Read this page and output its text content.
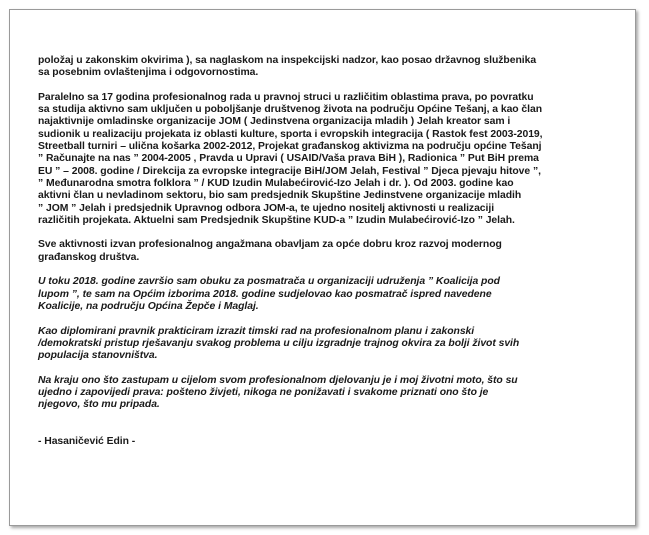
položaj u zakonskim okvirima ), sa naglaskom na inspekcijski nadzor, kao posao državnog službenika
sa posebnim ovlaštenjima i odgovornostima.

Paralelno sa 17 godina profesionalnog rada u pravnoj struci u različitim oblastima prava, po povratku
sa studija aktivno sam uključen u poboljšanje društvenog života na području Općine Tešanj, a kao član
najaktivnije omladinske organizacije JOM ( Jedinstvena organizacija mladih ) Jelah kreator sam i
sudionik u realizaciju projekata iz oblasti kulture, sporta i evropskih integracija ( Rastok fest 2003-2019,
Streetball turniri – ulična košarka 2002-2012, Projekat građanskog aktivizma na području općine Tešanj
” Računajte na nas ” 2004-2005 , Pravda u Upravi ( USAID/Vaša prava BiH ), Radionica ” Put BiH prema
EU ” – 2008. godine / Direkcija za evropske integracije BiH/JOM Jelah, Festival ” Djeca pjevaju hitove ”,
” Međunarodna smotra folklora ” / KUD Izudin Mulabećirović-Izo Jelah i dr. ). Od 2003. godine kao
aktivni član u nevladinom sektoru, bio sam predsjednik Skupštine Jedinstvene organizacije mladih
” JOM ” Jelah i predsjednik Upravnog odbora JOM-a, te ujedno nositelj aktivnosti u realizaciji
različitih projekata. Aktuelni sam Predsjednik Skupštine KUD-a ” Izudin Mulabećirović-Izo ” Jelah.

Sve aktivnosti izvan profesionalnog angažmana obavljam za opće dobru kroz razvoj modernog
građanskog društva.

U toku 2018. godine završio sam obuku za posmatrača u organizaciji udruženja ” Koalicija pod
lupom ”, te sam na Općim izborima 2018. godine sudjelovao kao posmatrač ispred navedene
Koalicije, na području Općina Žepče i Maglaj.

Kao diplomirani pravnik prakticiram izrazit timski rad na profesionalnom planu i zakonski
/demokratski pristup rješavanju svakog problema u cilju izgradnje trajnog okvira za bolji život svih
populacija stanovništva.

Na kraju ono što zastupam u cijelom svom profesionalnom djelovanju je i moj životni moto, što su
ujedno i zapovijedi prava: pošteno živjeti, nikoga ne ponižavati i svakome priznati ono što je
njegovo, što mu pripada.

- Hasaničević Edin -
